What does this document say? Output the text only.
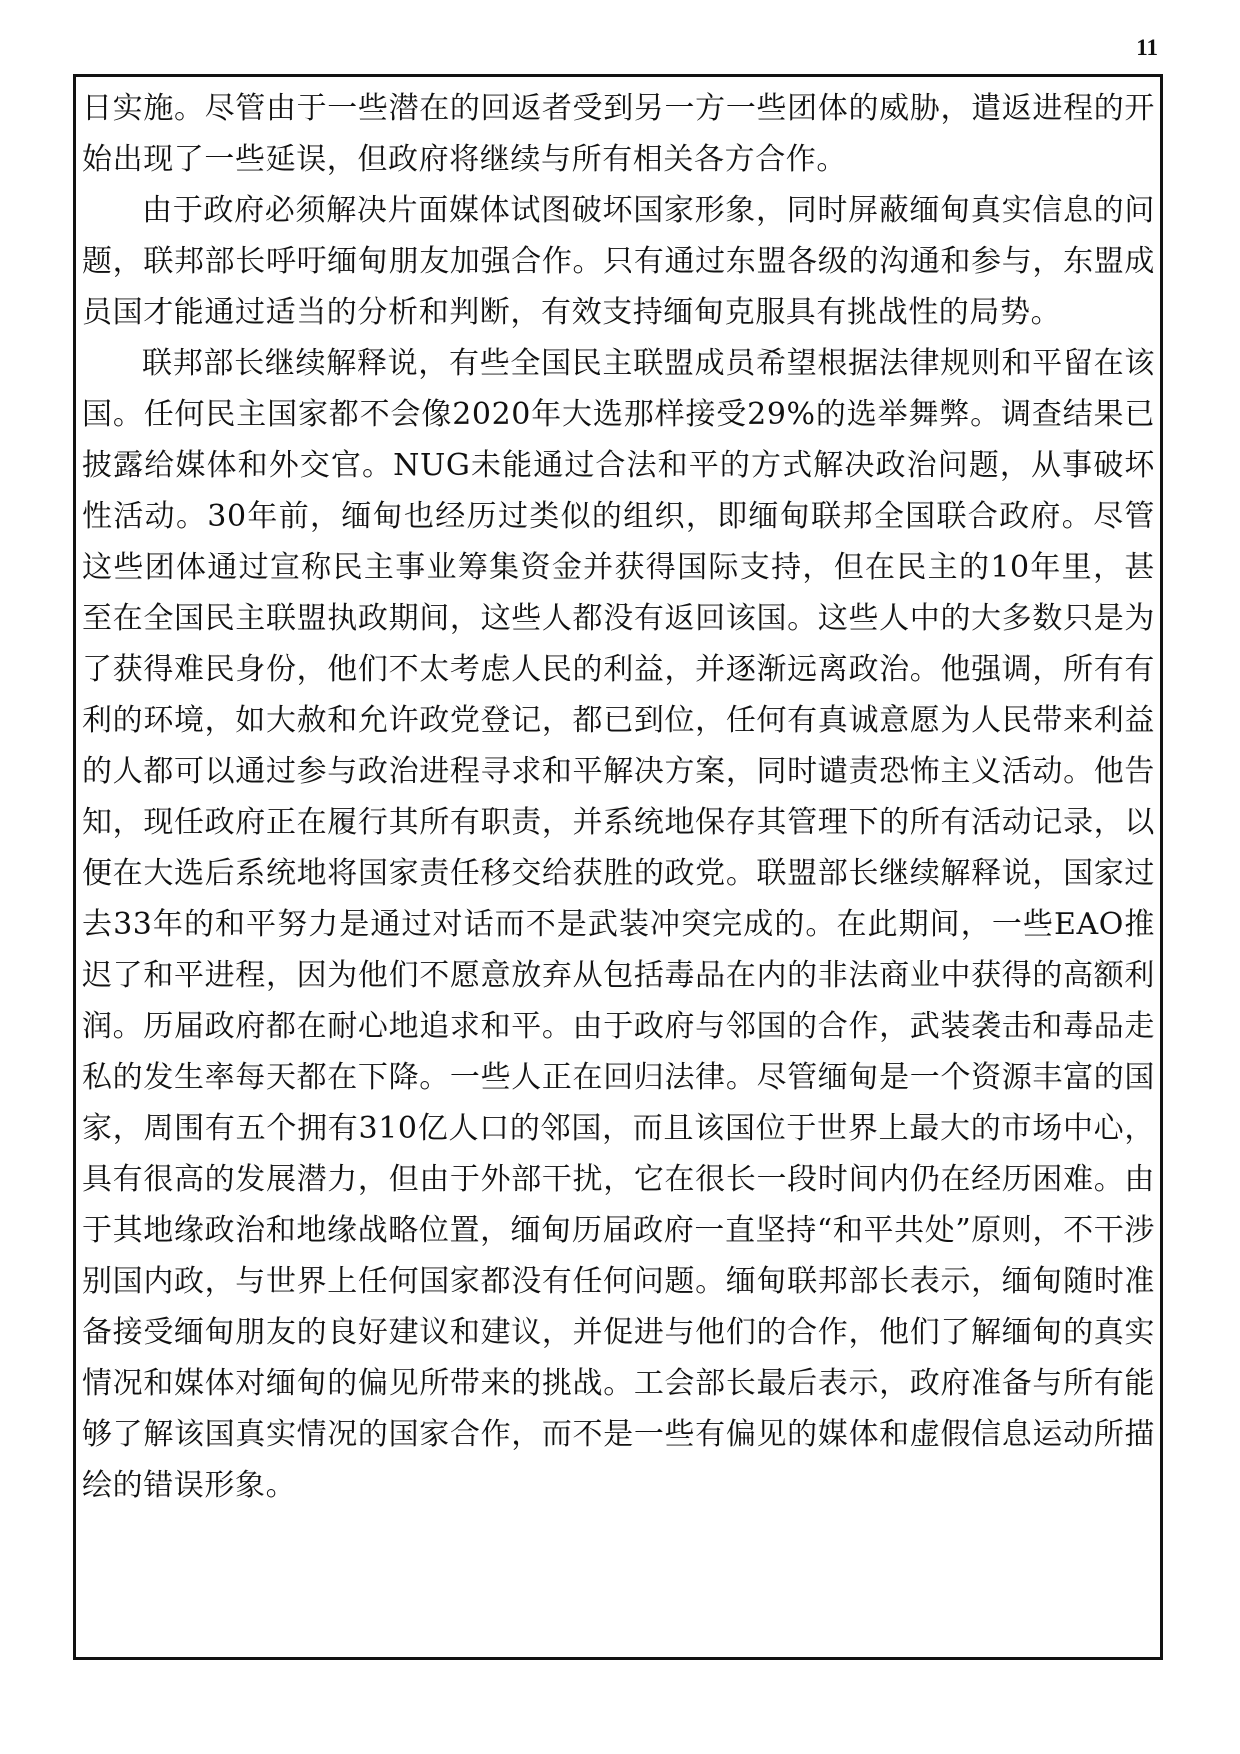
11

日实施。尽管由于一些潜在的回返者受到另一方一些团体的威胁，遣返进程的开始出现了一些延误，但政府将继续与所有相关各方合作。

由于政府必须解决片面媒体试图破坏国家形象，同时屏蔽缅甸真实信息的问题，联邦部长呼吁缅甸朋友加强合作。只有通过东盟各级的沟通和参与，东盟成员国才能通过适当的分析和判断，有效支持缅甸克服具有挑战性的局势。

联邦部长继续解释说，有些全国民主联盟成员希望根据法律规则和平留在该国。任何民主国家都不会像2020年大选那样接受29%的选举舞弊。调查结果已披露给媒体和外交官。NUG未能通过合法和平的方式解决政治问题，从事破坏性活动。30年前，缅甸也经历过类似的组织，即缅甸联邦全国联合政府。尽管这些团体通过宣称民主事业筹集资金并获得国际支持，但在民主的10年里，甚至在全国民主联盟执政期间，这些人都没有返回该国。这些人中的大多数只是为了获得难民身份，他们不太考虑人民的利益，并逐渐远离政治。他强调，所有有利的环境，如大赦和允许政党登记，都已到位，任何有真诚意愿为人民带来利益的人都可以通过参与政治进程寻求和平解决方案，同时谴责恐怖主义活动。他告知，现任政府正在履行其所有职责，并系统地保存其管理下的所有活动记录，以便在大选后系统地将国家责任移交给获胜的政党。联盟部长继续解释说，国家过去33年的和平努力是通过对话而不是武装冲突完成的。在此期间，一些EAO推迟了和平进程，因为他们不愿意放弃从包括毒品在内的非法商业中获得的高额利润。历届政府都在耐心地追求和平。由于政府与邻国的合作，武装袭击和毒品走私的发生率每天都在下降。一些人正在回归法律。尽管缅甸是一个资源丰富的国家，周围有五个拥有310亿人口的邻国，而且该国位于世界上最大的市场中心，具有很高的发展潜力，但由于外部干扰，它在很长一段时间内仍在经历困难。由于其地缘政治和地缘战略位置，缅甸历届政府一直坚持“和平共处”原则，不干涉别国内政，与世界上任何国家都没有任何问题。缅甸联邦部长表示，缅甸随时准备接受缅甸朋友的良好建议和建议，并促进与他们的合作，他们了解缅甸的真实情况和媒体对缅甸的偏见所带来的挑战。工会部长最后表示，政府准备与所有能够了解该国真实情况的国家合作，而不是一些有偏见的媒体和虚假信息运动所描绘的错误形象。
